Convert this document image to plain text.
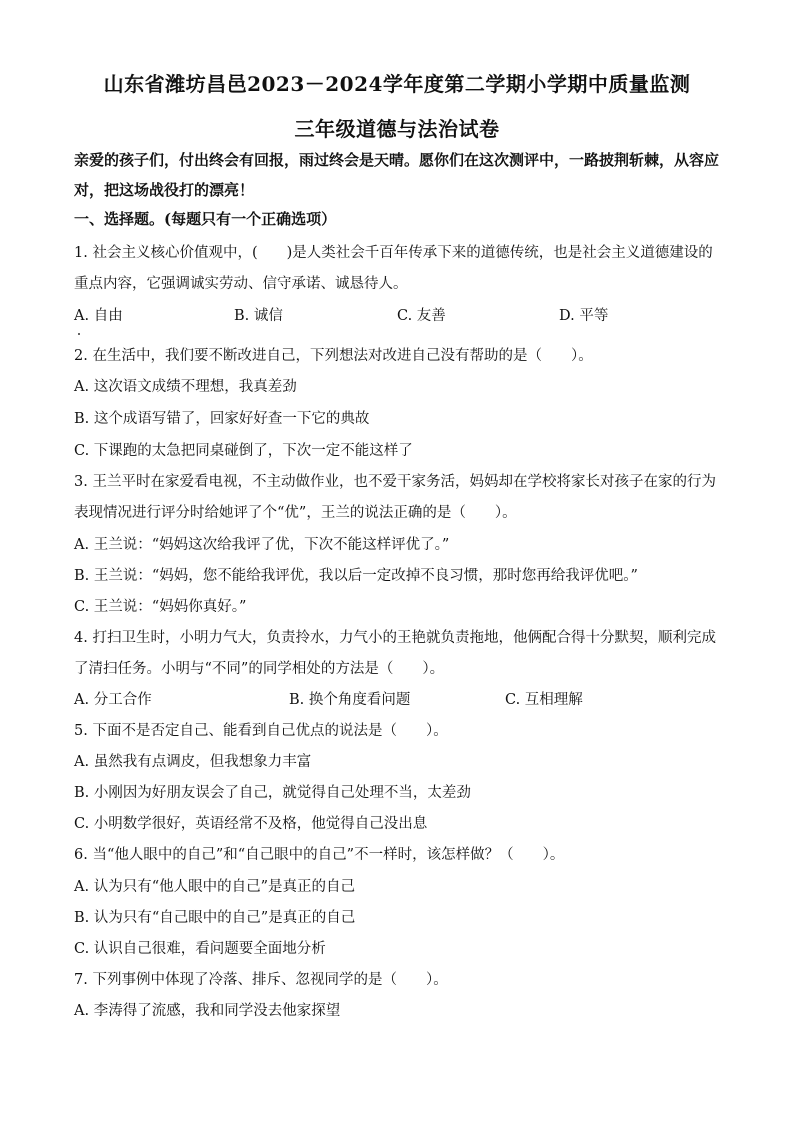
山东省潍坊昌邑2023－2024学年度第二学期小学期中质量监测
三年级道德与法治试卷
亲爱的孩子们，付出终会有回报，雨过终会是天晴。愿你们在这次测评中，一路披荆斩棘，从容应对，把这场战役打的漂亮！
一、选择题。(每题只有一个正确选项）
1. 社会主义核心价值观中，(　　)是人类社会千百年传承下来的道德传统，也是社会主义道德建设的重点内容，它强调诚实劳动、信守承诺、诚恳待人。
A. 自由	B. 诚信	C. 友善	D. 平等
2. 在生活中，我们要不断改进自己，下列想法对改进自己没有帮助的是（　　）。
A. 这次语文成绩不理想，我真差劲
B. 这个成语写错了，回家好好查一下它的典故
C. 下课跑的太急把同桌碰倒了，下次一定不能这样了
3. 王兰平时在家爱看电视，不主动做作业，也不爱干家务活，妈妈却在学校将家长对孩子在家的行为表现情况进行评分时给她评了个“优”，王兰的说法正确的是（　　）。
A. 王兰说：“妈妈这次给我评了优，下次不能这样评优了。”
B. 王兰说：“妈妈，您不能给我评优，我以后一定改掉不良习惯，那时您再给我评优吧。”
C. 王兰说：“妈妈你真好。”
4. 打扫卫生时，小明力气大，负责拎水，力气小的王艳就负责拖地，他俩配合得十分默契，顺利完成了清扫任务。小明与“不同”的同学相处的方法是（　　）。
A. 分工合作	B. 换个角度看问题	C. 互相理解
5. 下面不是否定自己、能看到自己优点的说法是（　　）。
A. 虽然我有点调皮，但我想象力丰富
B. 小刚因为好朋友误会了自己，就觉得自己处理不当，太差劲
C. 小明数学很好，英语经常不及格，他觉得自己没出息
6. 当“他人眼中的自己”和“自己眼中的自己”不一样时，该怎样做？（　　）。
A. 认为只有“他人眼中的自己”是真正的自己
B. 认为只有“自己眼中的自己”是真正的自己
C. 认识自己很难，看问题要全面地分析
7. 下列事例中体现了冷落、排斥、忽视同学的是（　　）。
A. 李涛得了流感，我和同学没去他家探望
